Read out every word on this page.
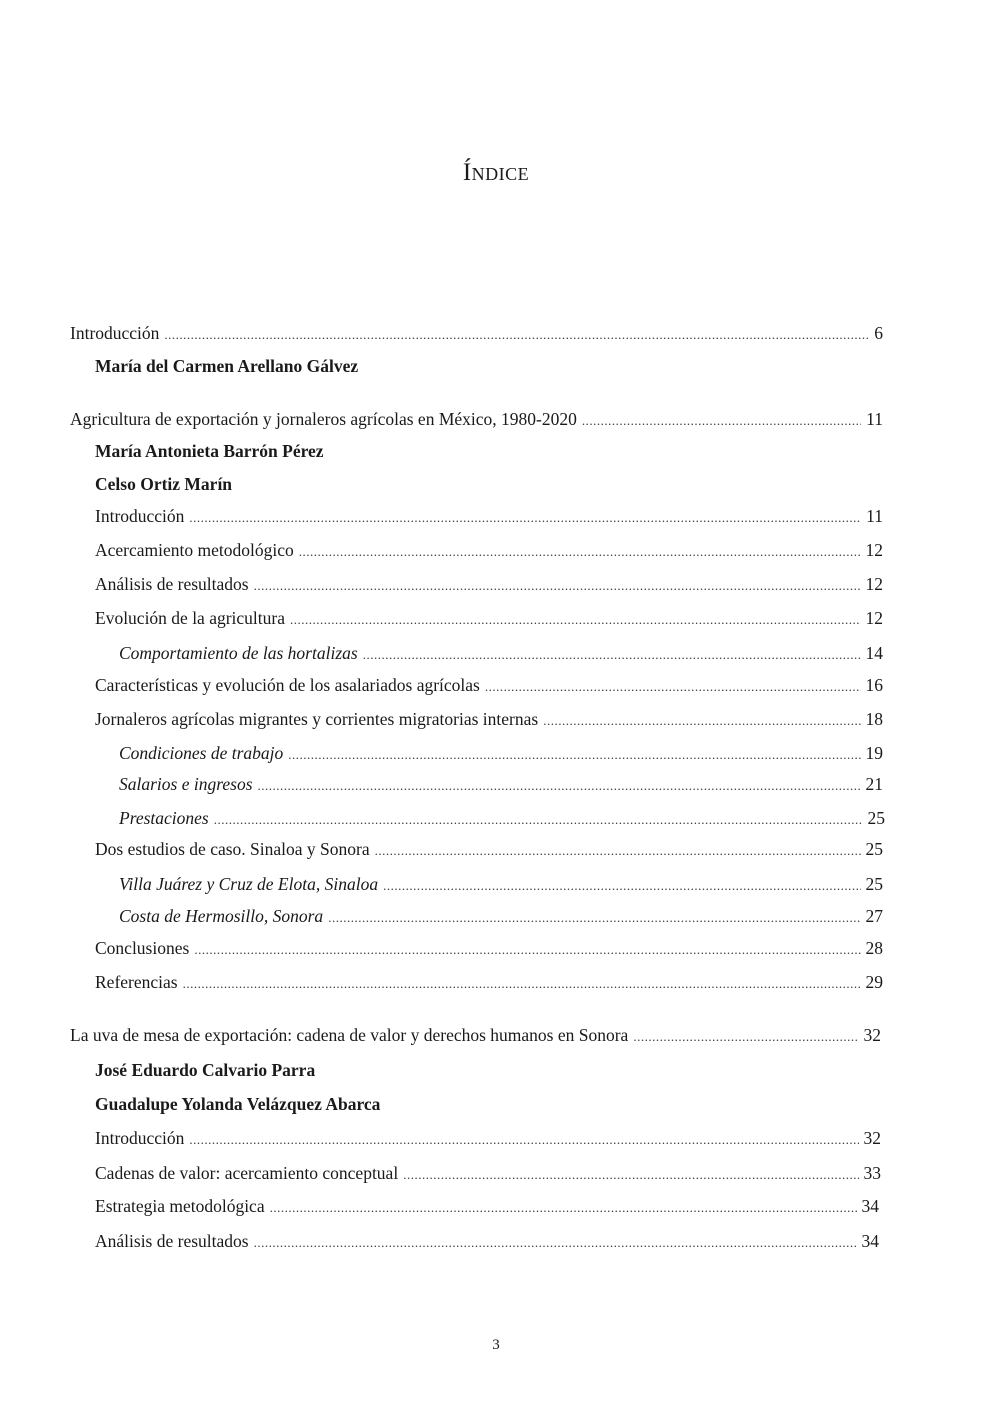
Índice
Introducción .....	6
María del Carmen Arellano Gálvez
Agricultura de exportación y jornaleros agrícolas en México, 1980-2020 .....	11
María Antonieta Barrón Pérez
Celso Ortiz Marín
Introducción .....	11
Acercamiento metodológico .....	12
Análisis de resultados .....	12
Evolución de la agricultura .....	12
Comportamiento de las hortalizas .....	14
Características y evolución de los asalariados agrícolas .....	16
Jornaleros agrícolas migrantes y corrientes migratorias internas .....	18
Condiciones de trabajo .....	19
Salarios e ingresos .....	21
Prestaciones .....	25
Dos estudios de caso. Sinaloa y Sonora .....	25
Villa Juárez y Cruz de Elota, Sinaloa .....	25
Costa de Hermosillo, Sonora .....	27
Conclusiones .....	28
Referencias .....	29
La uva de mesa de exportación: cadena de valor y derechos humanos en Sonora .....	32
José Eduardo Calvario Parra
Guadalupe Yolanda Velázquez Abarca
Introducción .....	32
Cadenas de valor: acercamiento conceptual .....	33
Estrategia metodológica .....	34
Análisis de resultados .....	34
3
